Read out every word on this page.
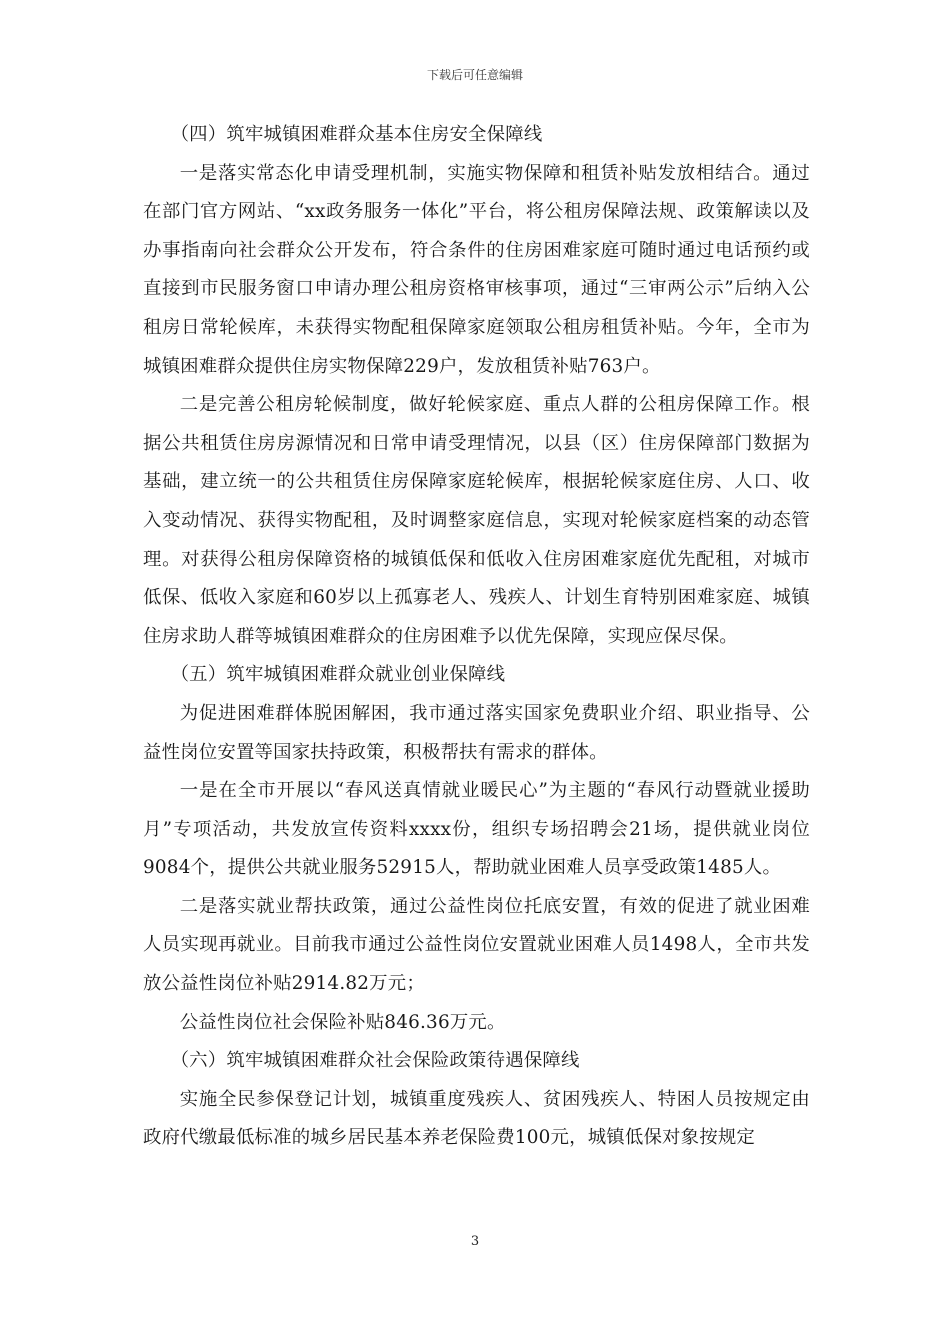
下载后可任意编辑

（四）筑牢城镇困难群众基本住房安全保障线

一是落实常态化申请受理机制，实施实物保障和租赁补贴发放相结合。通过在部门官方网站、“xx政务服务一体化”平台，将公租房保障法规、政策解读以及办事指南向社会群众公开发布，符合条件的住房困难家庭可随时通过电话预约或直接到市民服务窗口申请办理公租房资格审核事项，通过“三审两公示”后纳入公租房日常轮候库，未获得实物配租保障家庭领取公租房租赁补贴。今年，全市为城镇困难群众提供住房实物保障229户，发放租赁补贴763户。

二是完善公租房轮候制度，做好轮候家庭、重点人群的公租房保障工作。根据公共租赁住房房源情况和日常申请受理情况，以县（区）住房保障部门数据为基础，建立统一的公共租赁住房保障家庭轮候库，根据轮候家庭住房、人口、收入变动情况、获得实物配租，及时调整家庭信息，实现对轮候家庭档案的动态管理。对获得公租房保障资格的城镇低保和低收入住房困难家庭优先配租，对城市低保、低收入家庭和60岁以上孤寡老人、残疾人、计划生育特别困难家庭、城镇住房求助人群等城镇困难群众的住房困难予以优先保障，实现应保尽保。

（五）筑牢城镇困难群众就业创业保障线

为促进困难群体脱困解困，我市通过落实国家免费职业介绍、职业指导、公益性岗位安置等国家扶持政策，积极帮扶有需求的群体。

一是在全市开展以“春风送真情就业暖民心”为主题的“春风行动暨就业援助月”专项活动，共发放宣传资料xxxx份，组织专场招聘会21场，提供就业岗位9084个，提供公共就业服务52915人，帮助就业困难人员享受政策1485人。

二是落实就业帮扶政策，通过公益性岗位托底安置，有效的促进了就业困难人员实现再就业。目前我市通过公益性岗位安置就业困难人员1498人，全市共发放公益性岗位补贴2914.82万元；

公益性岗位社会保险补贴846.36万元。

（六）筑牢城镇困难群众社会保险政策待遇保障线

实施全民参保登记计划，城镇重度残疾人、贫困残疾人、特困人员按规定由政府代缴最低标准的城乡居民基本养老保险费100元，城镇低保对象按规定

3
